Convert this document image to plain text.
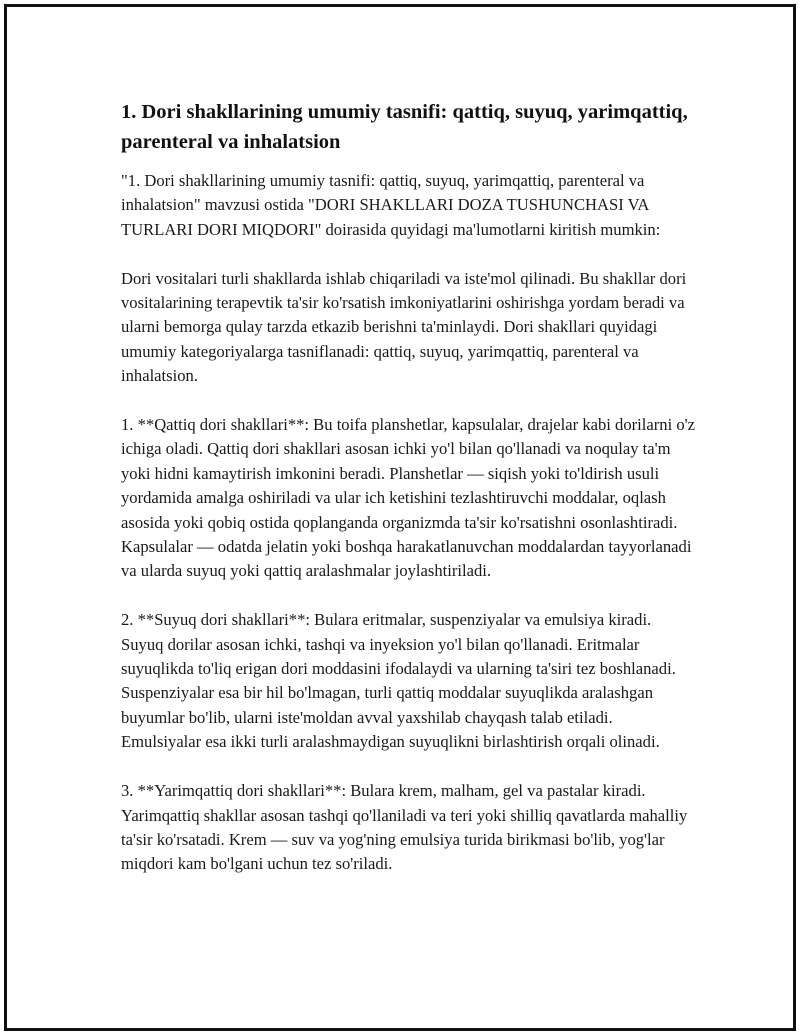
1. Dori shakllarining umumiy tasnifi: qattiq, suyuq, yarimqattiq, parenteral va inhalatsion

"1. Dori shakllarining umumiy tasnifi: qattiq, suyuq, yarimqattiq, parenteral va inhalatsion" mavzusi ostida "DORI SHAKLLARI DOZA TUSHUNCHASI VA TURLARI DORI MIQDORI" doirasida quyidagi ma'lumotlarni kiritish mumkin:

Dori vositalari turli shakllarda ishlab chiqariladi va iste'mol qilinadi. Bu shakllar dori vositalarining terapevtik ta'sir ko'rsatish imkoniyatlarini oshirishga yordam beradi va ularni bemorga qulay tarzda etkazib berishni ta'minlaydi. Dori shakllari quyidagi umumiy kategoriyalarga tasniflanadi: qattiq, suyuq, yarimqattiq, parenteral va inhalatsion.

1. **Qattiq dori shakllari**: Bu toifa planshetlar, kapsulalar, drajelar kabi dorilarni o'z ichiga oladi. Qattiq dori shakllari asosan ichki yo'l bilan qo'llanadi va noqulay ta'm yoki hidni kamaytirish imkonini beradi. Planshetlar — siqish yoki to'ldirish usuli yordamida amalga oshiriladi va ular ich ketishini tezlashtiruvchi moddalar, oqlash asosida yoki qobiq ostida qoplanganda organizmda ta'sir ko'rsatishni osonlashtiradi. Kapsulalar — odatda jelatin yoki boshqa harakatlanuvchan moddalardan tayyorlanadi va ularda suyuq yoki qattiq aralashmalar joylashtiriladi.

2. **Suyuq dori shakllari**: Bulara eritmalar, suspenziyalar va emulsiya kiradi. Suyuq dorilar asosan ichki, tashqi va inyeksion yo'l bilan qo'llanadi. Eritmalar suyuqlikda to'liq erigan dori moddasini ifodalaydi va ularning ta'siri tez boshlanadi. Suspenziyalar esa bir hil bo'lmagan, turli qattiq moddalar suyuqlikda aralashgan buyumlar bo'lib, ularni iste'moldan avval yaxshilab chayqash talab etiladi. Emulsiyalar esa ikki turli aralashmaydigan suyuqlikni birlashtirish orqali olinadi.

3. **Yarimqattiq dori shakllari**: Bulara krem, malham, gel va pastalar kiradi. Yarimqattiq shakllar asosan tashqi qo'llaniladi va teri yoki shilliq qavatlarda mahalliy ta'sir ko'rsatadi. Krem — suv va yog'ning emulsiya turida birikmasi bo'lib, yog'lar miqdori kam bo'lgani uchun tez so'riladi.
